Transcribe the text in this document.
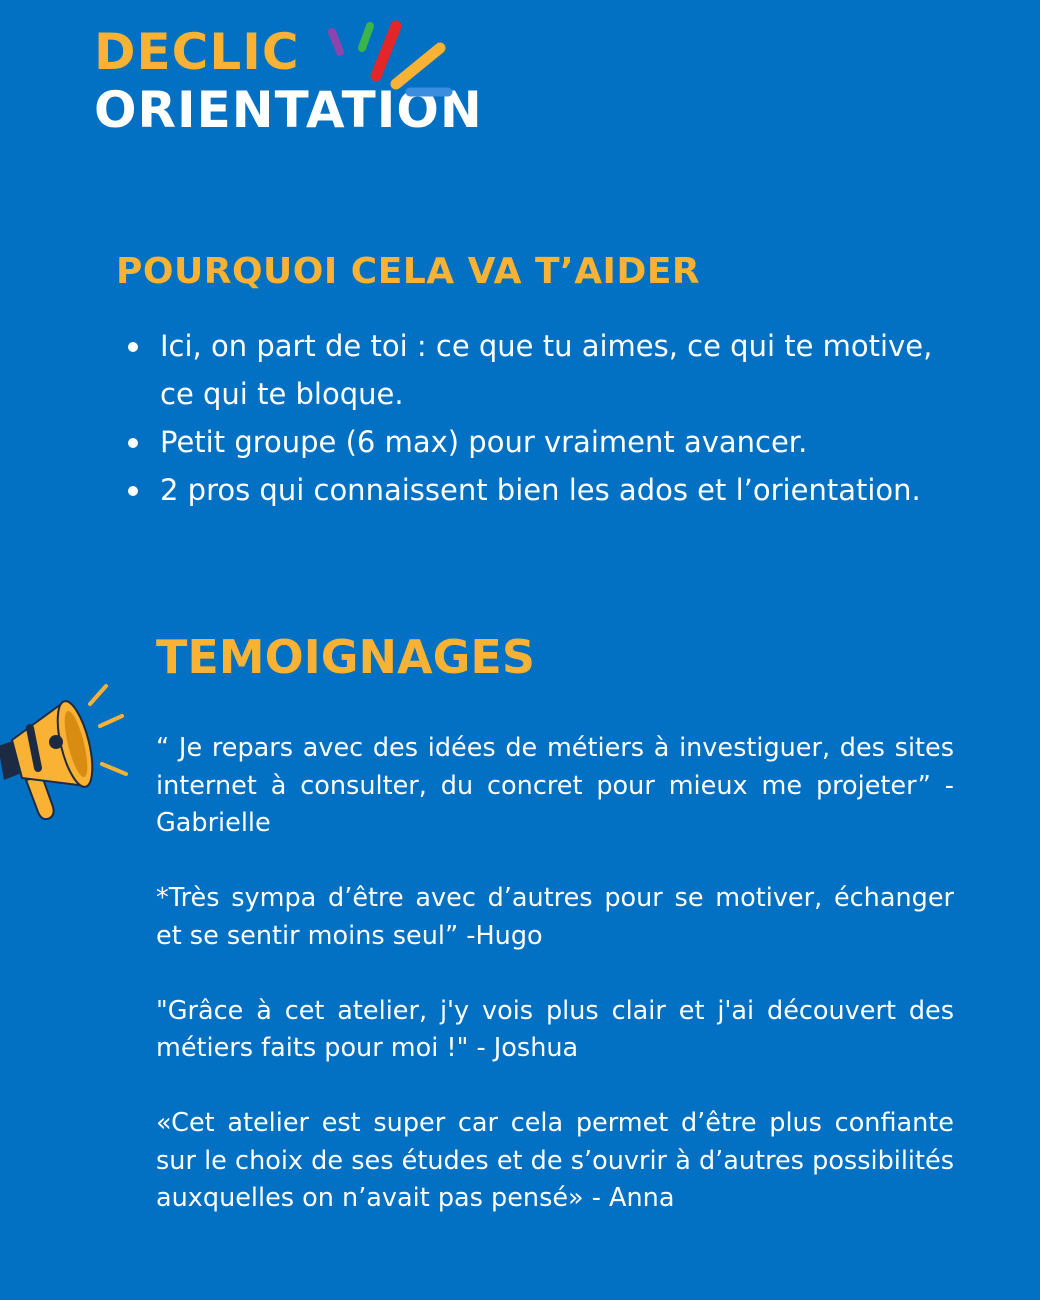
DECLIC
ORIENTATION
POURQUOI CELA VA T’AIDER
Ici, on part de toi : ce que tu aimes, ce qui te motive, ce qui te bloque.
Petit groupe (6 max) pour vraiment avancer.
2 pros qui connaissent bien les ados et l’orientation.
TEMOIGNAGES

“ Je repars avec des idées de métiers à investiguer, des sites internet à consulter, du concret pour mieux me projeter” - Gabrielle

*Très sympa d’être avec d’autres pour se motiver, échanger et se sentir moins seul” -Hugo

"Grâce à cet atelier, j'y vois plus clair et j'ai découvert des métiers faits pour moi !" - Joshua

«Cet atelier est super car cela permet d’être plus confiante sur le choix de ses études et de s’ouvrir à d’autres possibilités auxquelles on n’avait pas pensé» - Anna
